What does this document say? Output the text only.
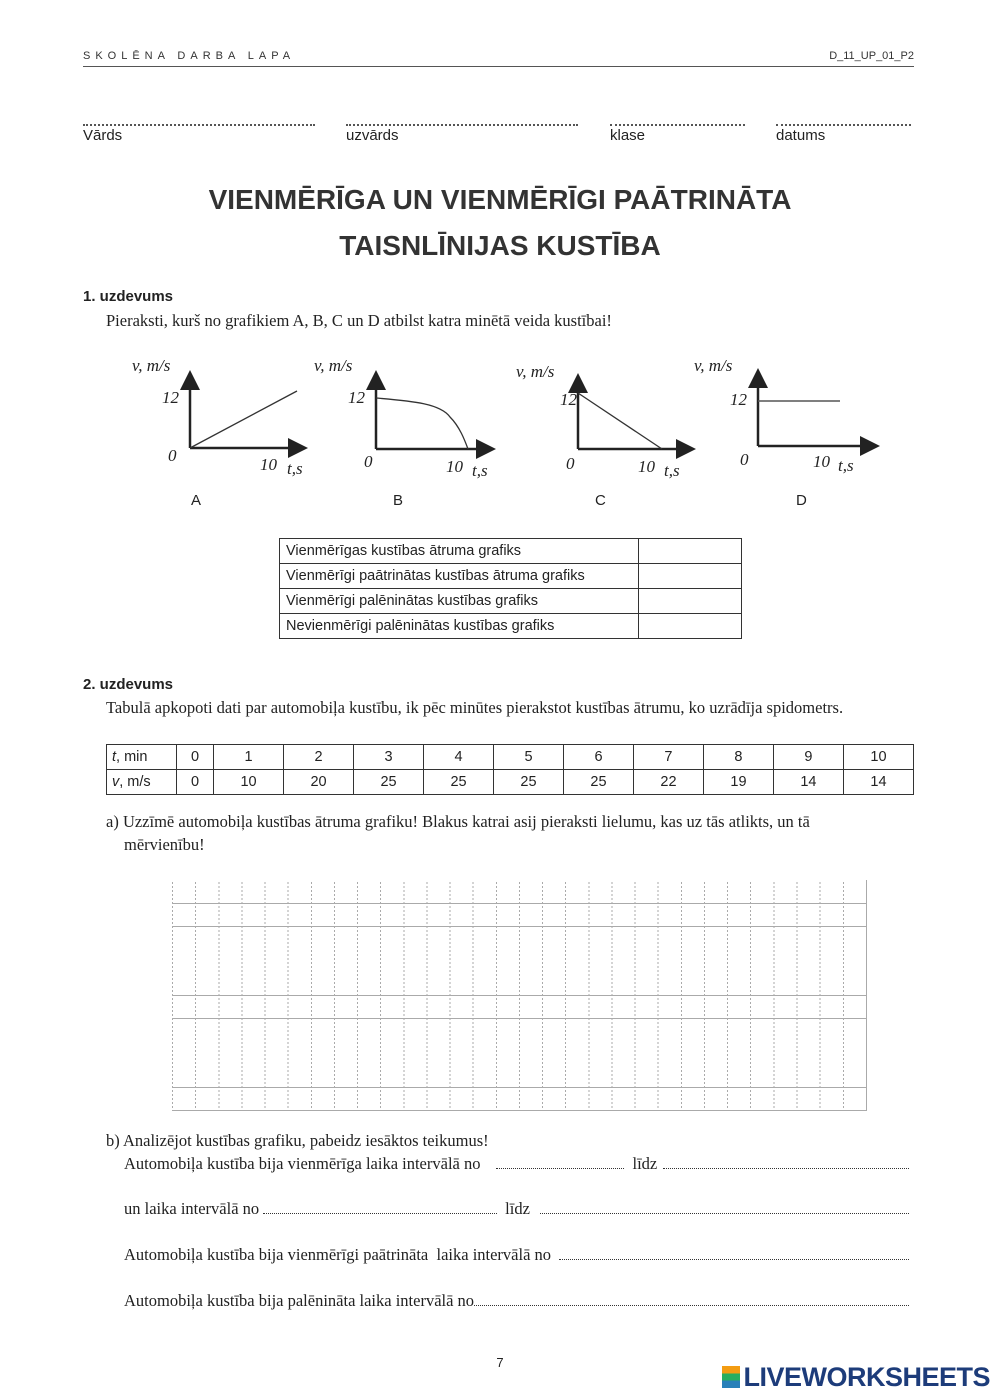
SKOLĒNA DARBA LAPA	D_11_UP_01_P2
Vārds	uzvārds	klase	datums
VIENMĒRĪGA UN VIENMĒRĪGI PAĀTRINĀTA
TAISNLĪNIJAS KUSTĪBA
1. uzdevums
Pieraksti, kurš no grafikiem A, B, C un D atbilst katra minētā veida kustībai!
v, m/s
12
0	10 t,s
v, m/s
12
0	10 t,s
v, m/s
12
0	10 t,s
v, m/s
12
0	10 t,s
A	B	C	D
Vienmērīgas kustības ātruma grafiks	
Vienmērīgi paātrinātas kustības ātruma grafiks	
Vienmērīgi palēninātas kustības grafiks	
Nevienmērīgi palēninātas kustības grafiks	
2. uzdevums
Tabulā apkopoti dati par automobiļa kustību, ik pēc minūtes pierakstot kustības ātrumu, ko uzrādīja spidometrs.
t, min	0	1	2	3	4	5	6	7	8	9	10
v, m/s	0	10	20	25	25	25	25	22	19	14	14
a) Uzzīmē automobiļa kustības ātruma grafiku! Blakus katrai asij pieraksti lielumu, kas uz tās atlikts, un tā
mērvienību!
b) Analizējot kustības grafiku, pabeidz iesāktos teikumus!
Automobiļa kustība bija vienmērīga laika intervālā no	līdz
un laika intervālā no	līdz
Automobiļa kustība bija vienmērīgi paātrināta  laika intervālā no
Automobiļa kustība bija palēnināta laika intervālā no
7	LIVEWORKSHEETS
